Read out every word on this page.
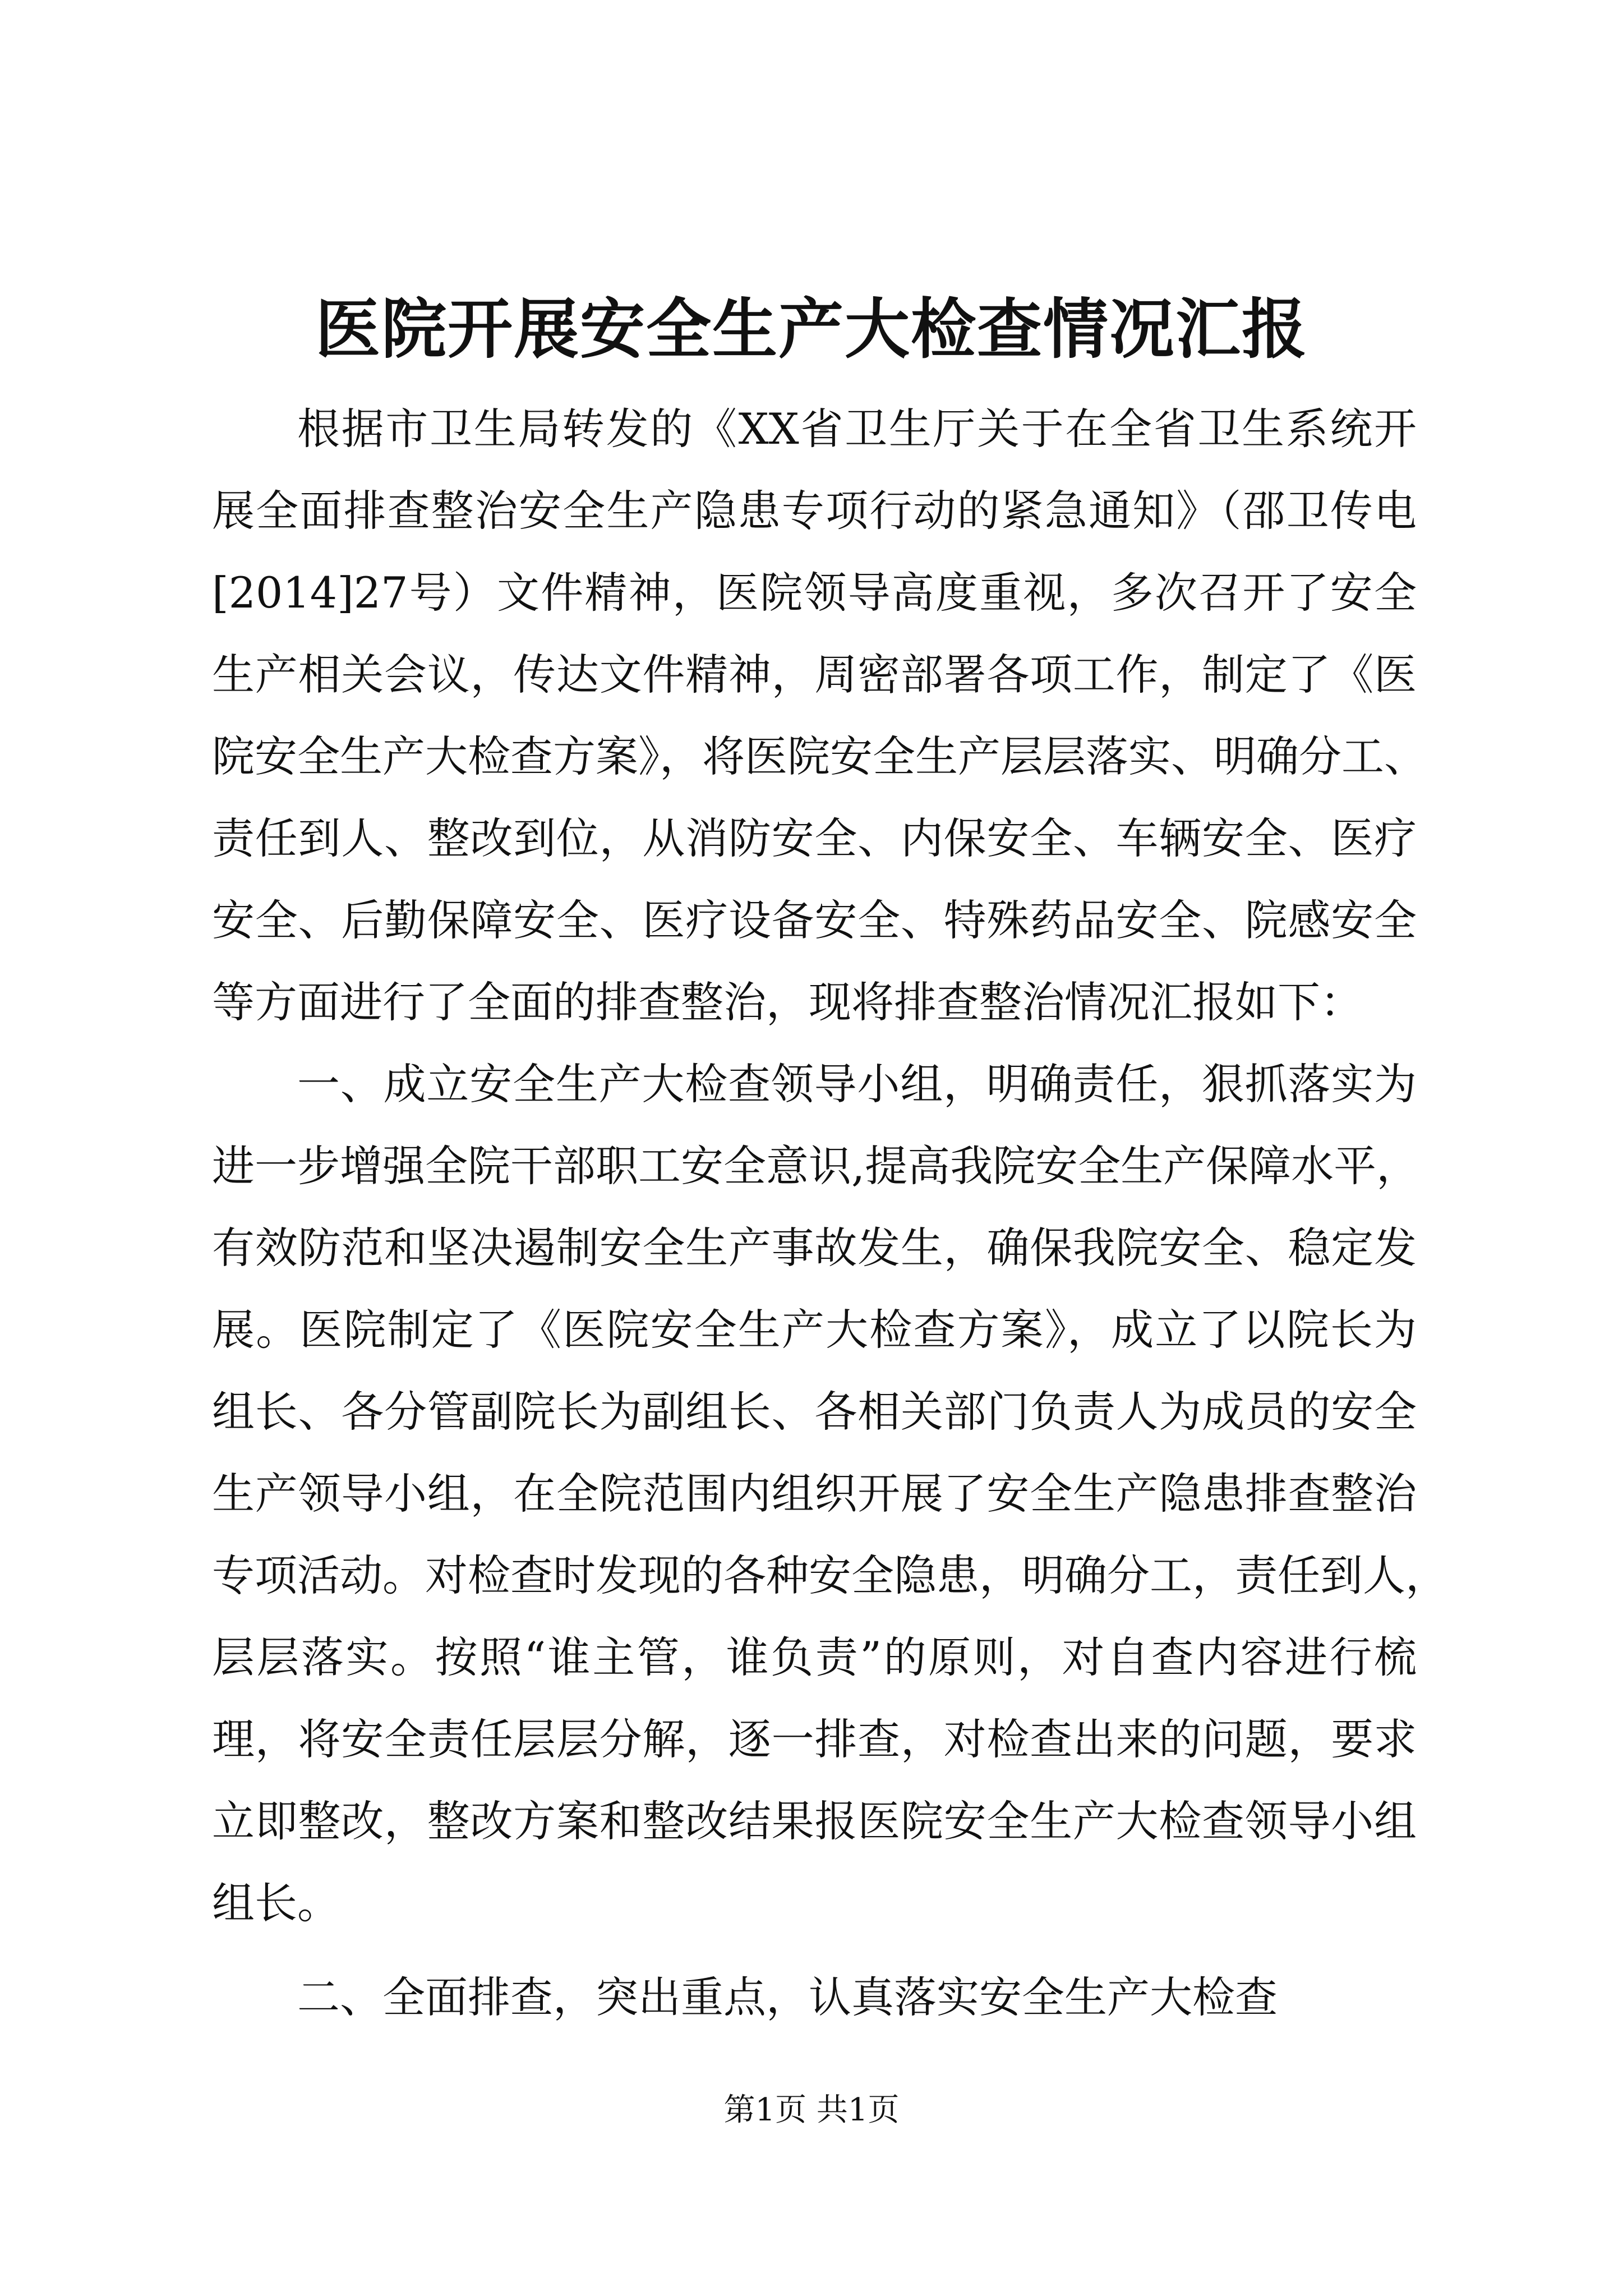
医院开展安全生产大检查情况汇报
根据市卫生局转发的《XX省卫生厅关于在全省卫生系统开
展全面排查整治安全生产隐患专项行动的紧急通知》（邵卫传电
[2014]27号）文件精神，医院领导高度重视，多次召开了安全
生产相关会议，传达文件精神，周密部署各项工作，制定了《医
院安全生产大检查方案》，将医院安全生产层层落实、明确分工、
责任到人、整改到位，从消防安全、内保安全、车辆安全、医疗
安全、后勤保障安全、医疗设备安全、特殊药品安全、院感安全
等方面进行了全面的排查整治，现将排查整治情况汇报如下：
一、成立安全生产大检查领导小组，明确责任，狠抓落实为
进一步增强全院干部职工安全意识,提高我院安全生产保障水平，
有效防范和坚决遏制安全生产事故发生，确保我院安全、稳定发
展。医院制定了《医院安全生产大检查方案》，成立了以院长为
组长、各分管副院长为副组长、各相关部门负责人为成员的安全
生产领导小组，在全院范围内组织开展了安全生产隐患排查整治
专项活动。对检查时发现的各种安全隐患，明确分工，责任到人，
层层落实。按照“谁主管，谁负责”的原则，对自查内容进行梳
理，将安全责任层层分解，逐一排查，对检查出来的问题，要求
立即整改，整改方案和整改结果报医院安全生产大检查领导小组
组长。
二、全面排查，突出重点，认真落实安全生产大检查
第1页 共1页
